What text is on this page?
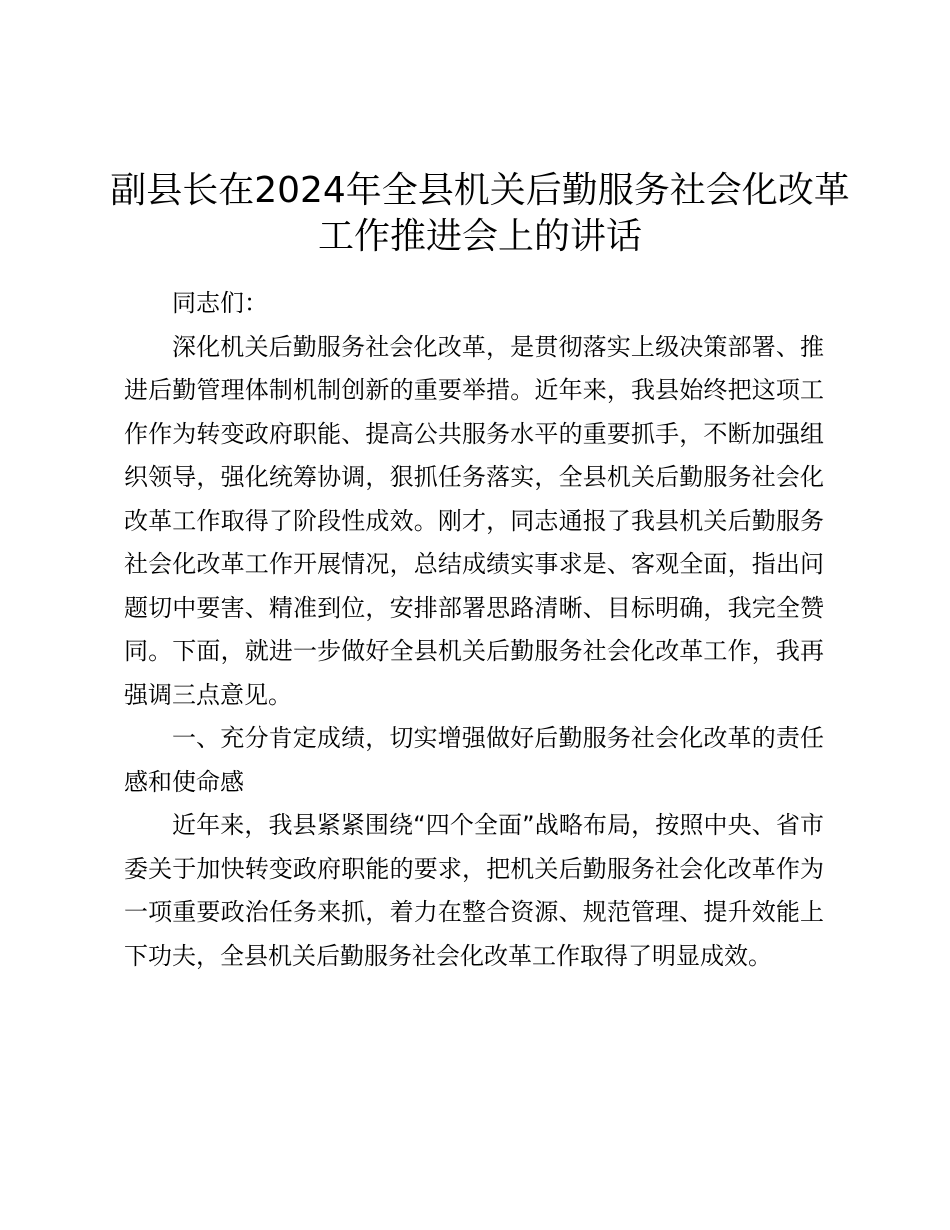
副县长在2024年全县机关后勤服务社会化改革工作推进会上的讲话

同志们：

深化机关后勤服务社会化改革，是贯彻落实上级决策部署、推进后勤管理体制机制创新的重要举措。近年来，我县始终把这项工作作为转变政府职能、提高公共服务水平的重要抓手，不断加强组织领导，强化统筹协调，狠抓任务落实，全县机关后勤服务社会化改革工作取得了阶段性成效。刚才，同志通报了我县机关后勤服务社会化改革工作开展情况，总结成绩实事求是、客观全面，指出问题切中要害、精准到位，安排部署思路清晰、目标明确，我完全赞同。下面，就进一步做好全县机关后勤服务社会化改革工作，我再强调三点意见。

一、充分肯定成绩，切实增强做好后勤服务社会化改革的责任感和使命感

近年来，我县紧紧围绕“四个全面”战略布局，按照中央、省市委关于加快转变政府职能的要求，把机关后勤服务社会化改革作为一项重要政治任务来抓，着力在整合资源、规范管理、提升效能上下功夫，全县机关后勤服务社会化改革工作取得了明显成效。
